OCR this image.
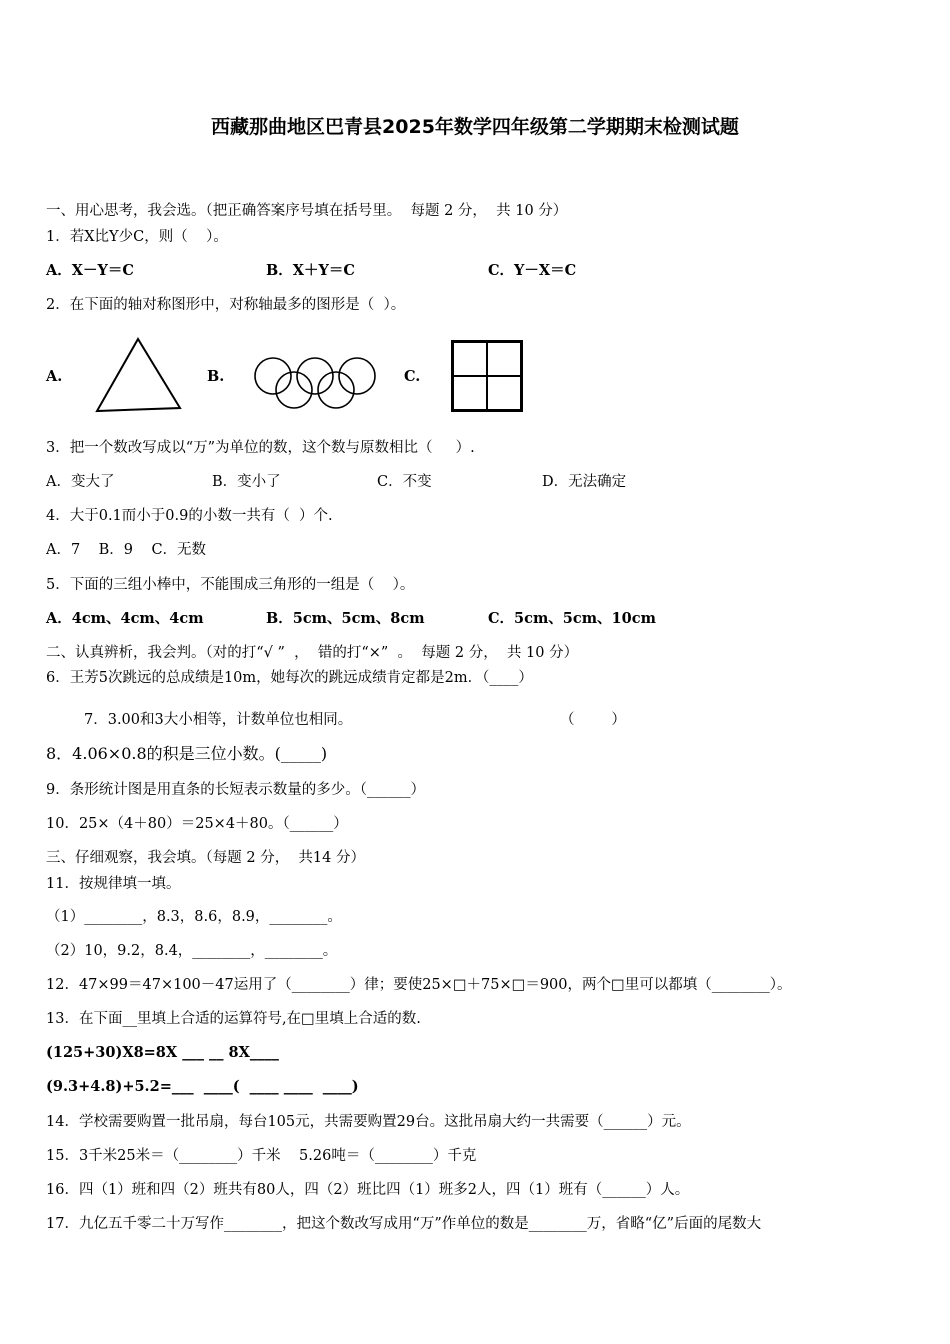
西藏那曲地区巴青县2025年数学四年级第二学期期末检测试题
一、用心思考，我会选。（把正确答案序号填在括号里。  每题 2 分，  共 10 分）
1．若X比Y少C，则（    ）。
A．X－Y＝C	B．X＋Y＝C	C．Y－X＝C
2．在下面的轴对称图形中，对称轴最多的图形是（  ）。
A.	B.	C.
3．把一个数改写成以“万”为单位的数，这个数与原数相比（     ）.
A．变大了	B．变小了	C．不变	D．无法确定
4．大于0.1而小于0.9的小数一共有（  ）个.
A．7    B．9    C．无数
5．下面的三组小棒中，不能围成三角形的一组是（    ）。
A．4cm、4cm、4cm	B．5cm、5cm、8cm	C．5cm、5cm、10cm
二、认真辨析，我会判。（对的打“√ ”  ，  错的打“×”  。  每题 2 分，  共 10 分）
6．王芳5次跳远的总成绩是10m，她每次的跳远成绩肯定都是2m．（____）
7．3.00和3大小相等，计数单位也相同。	（        ）
8．4.06×0.8的积是三位小数。(_____)
9．条形统计图是用直条的长短表示数量的多少。（______）
10．25×（4＋80）＝25×4＋80。（______）
三、仔细观察，我会填。（每题 2 分，  共14 分）
11．按规律填一填。
（1）________，8.3，8.6，8.9，________。
（2）10，9.2，8.4，________，________。
12．47×99＝47×100－47运用了（________）律；要使25×□＋75×□＝900，两个□里可以都填（________）。
13．在下面__里填上合适的运算符号,在□里填上合适的数.
(125+30)X8=8X ___ __ 8X____
(9.3+4.8)+5.2=___  ____(  ____ ____  ____)
14．学校需要购置一批吊扇，每台105元，共需要购置29台。这批吊扇大约一共需要（______）元。
15．3千米25米＝（________）千米    5.26吨＝（________）千克
16．四（1）班和四（2）班共有80人，四（2）班比四（1）班多2人，四（1）班有（______）人。
17．九亿五千零二十万写作________，把这个数改写成用“万”作单位的数是________万，省略“亿”后面的尾数大
